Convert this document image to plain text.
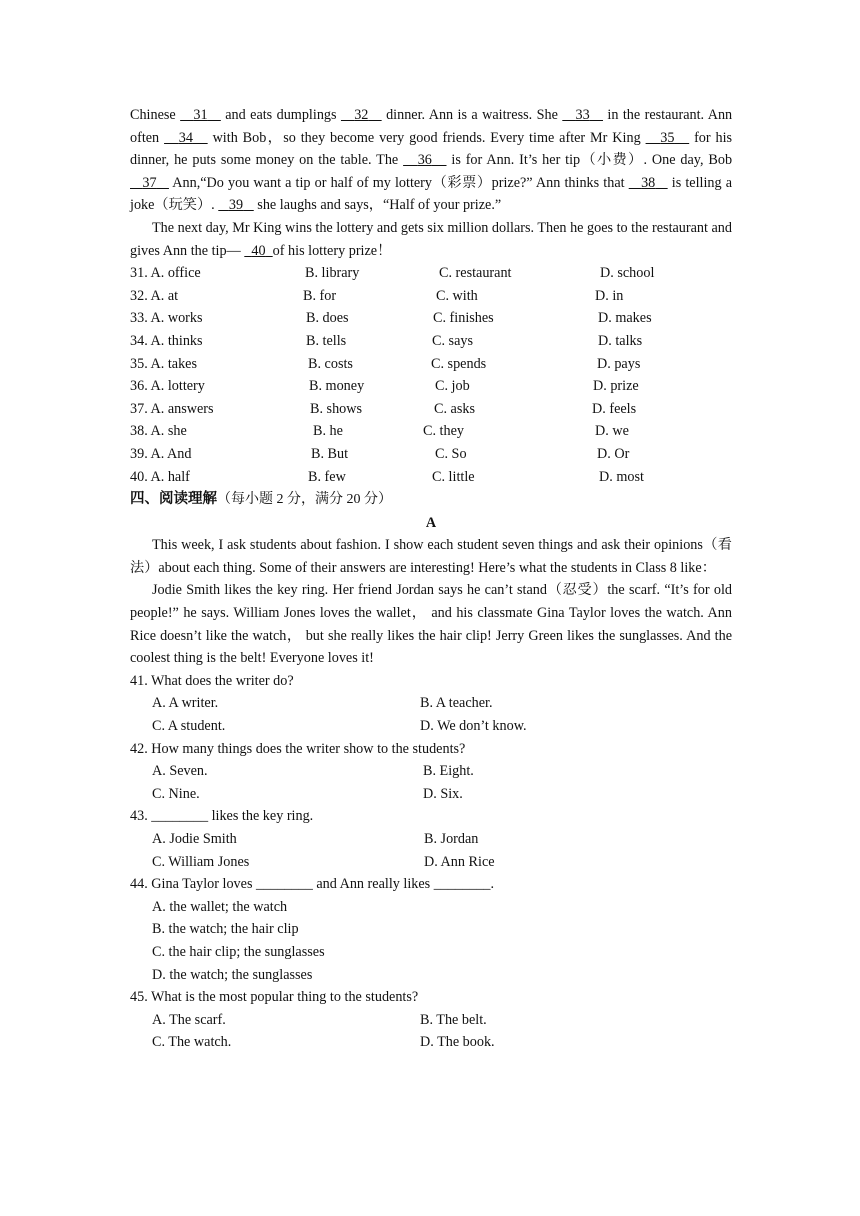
Chinese 31 and eats dumplings 32 dinner. Ann is a waitress. She 33 in the restaurant. Ann often 34 with Bob，so they become very good friends. Every time after Mr King 35 for his dinner, he puts some money on the table. The 36 is for Ann. It’s her tip（小费）. One day, Bob    37 Ann,“Do you want a tip or half of my lottery（彩票）prize?” Ann thinks that 38 is telling a joke（玩笑）. 39 she laughs and says，“Half of your prize.”

The next day, Mr King wins the lottery and gets six million dollars. Then he goes to the restaurant and gives Ann the tip— 40 of his lottery prize！

31. A. office	B. library	C. restaurant	D. school
32. A. at	B. for	C. with	D. in
33. A. works	B. does	C. finishes	D. makes
34. A. thinks	B. tells	C. says	D. talks
35. A. takes	B. costs	C. spends	D. pays
36. A. lottery	B. money	C. job	D. prize
37. A. answers	B. shows	C. asks	D. feels
38. A. she	B. he	C. they	D. we
39. A. And	B. But	C. So	D. Or
40. A. half	B. few	C. little	D. most

四、阅读理解（每小题 2 分，满分 20 分）

A

This week, I ask students about fashion. I show each student seven things and ask their opinions（看法）about each thing. Some of their answers are interesting! Here’s what the students in Class 8 like：

Jodie Smith likes the key ring. Her friend Jordan says he can’t stand（忍受）the scarf. “It’s for old people!” he says. William Jones loves the wallet， and his classmate Gina Taylor loves the watch. Ann Rice doesn’t like the watch， but she really likes the hair clip! Jerry Green likes the sunglasses. And the coolest thing is the belt! Everyone loves it!

41. What does the writer do?

A. A writer.	B. A teacher.
C. A student.	D. We don’t know.

42. How many things does the writer show to the students?

A. Seven.	B. Eight.
C. Nine.	D. Six.

43. ________ likes the key ring.

A. Jodie Smith	B. Jordan
C. William Jones	D. Ann Rice

44. Gina Taylor loves ________ and Ann really likes ________.

A. the wallet; the watch

B. the watch; the hair clip

C. the hair clip; the sunglasses

D. the watch; the sunglasses

45. What is the most popular thing to the students?

A. The scarf.	B. The belt.
C. The watch.	D. The book.
